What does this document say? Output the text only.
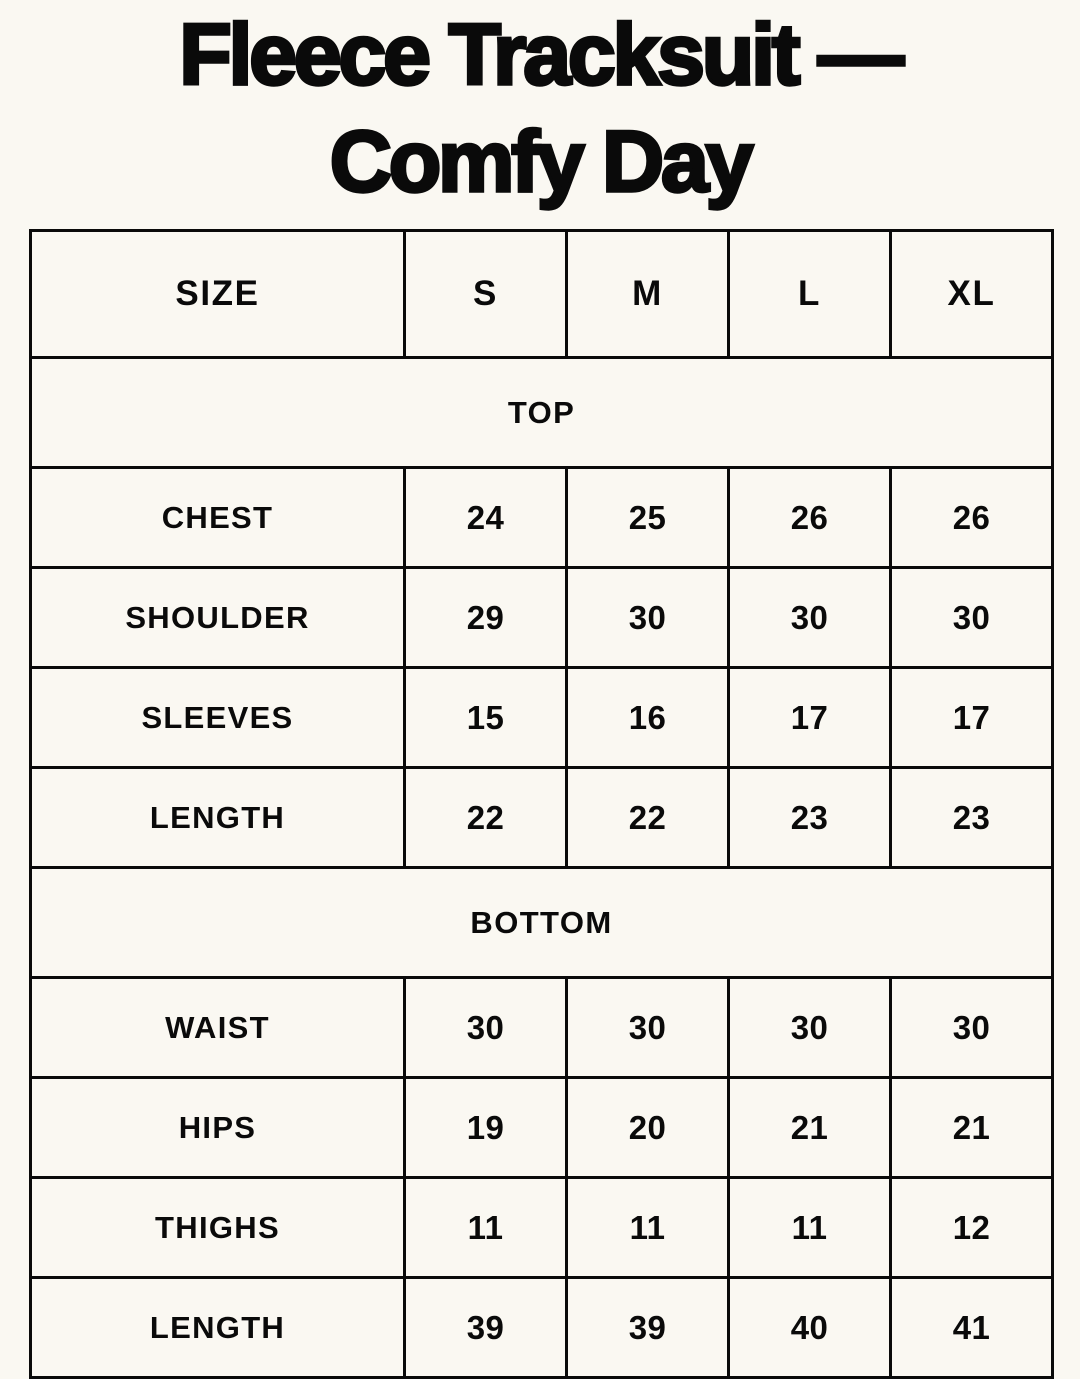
Fleece Tracksuit —
Comfy Day
SIZE	S	M	L	XL
TOP				
CHEST	24	25	26	26
SHOULDER	29	30	30	30
SLEEVES	15	16	17	17
LENGTH	22	22	23	23
BOTTOM				
WAIST	30	30	30	30
HIPS	19	20	21	21
THIGHS	11	11	11	12
LENGTH	39	39	40	41
